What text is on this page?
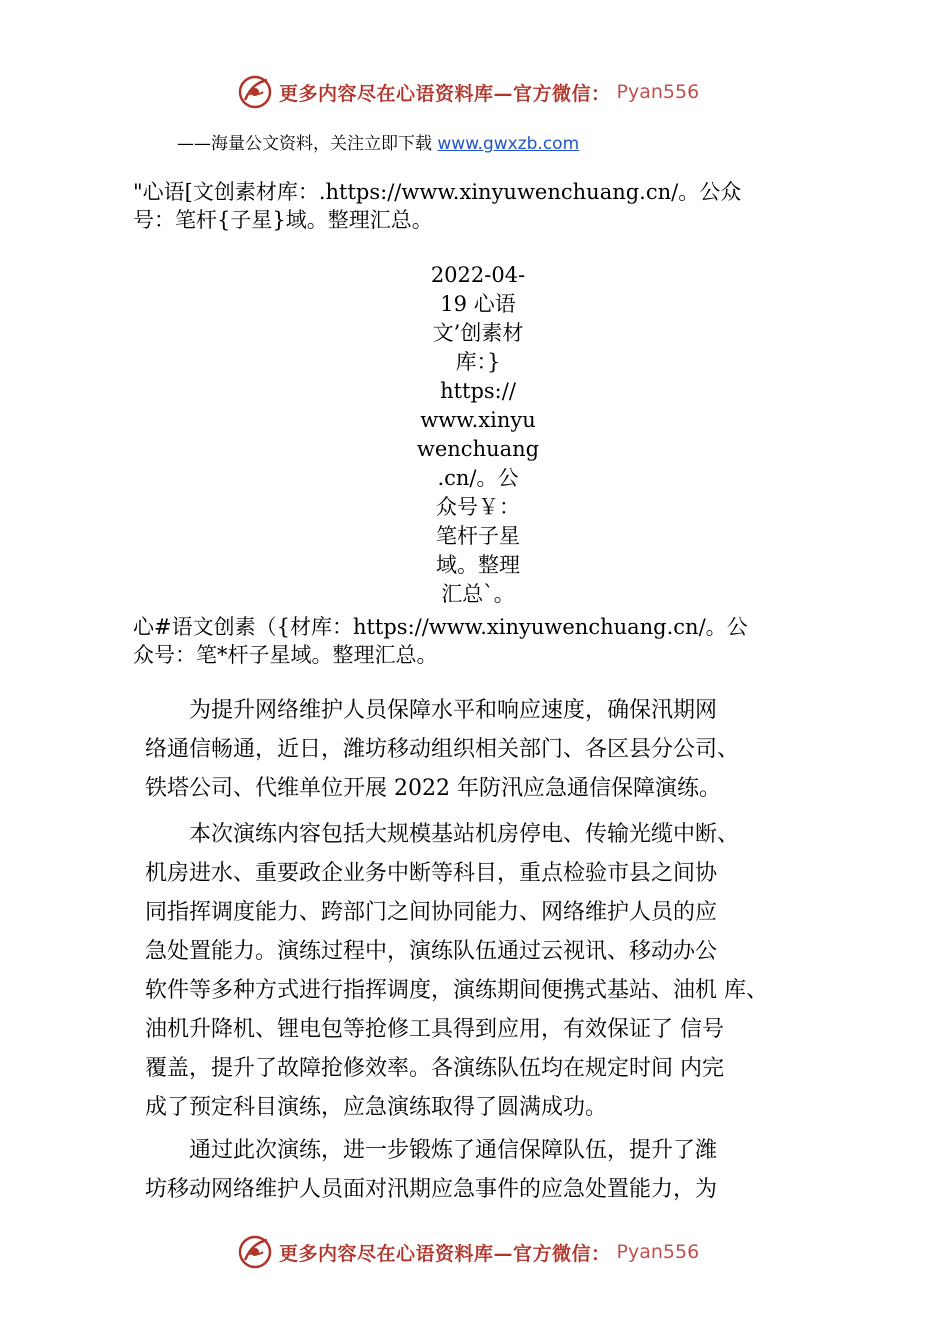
更多内容尽在心语资料库—官方微信： Pyan556
——海量公文资料，关注立即下载 www.gwxzb.com
"心语[文创素材库：.https://www.xinyuwenchuang.cn/。公众
号：笔杆{子星}域。整理汇总。
2022-04-
19 心语
文’创素材
库：}
https://
www.xinyu
wenchuang
.cn/。公
众号￥：
笔杆子星
域。整理
汇总`。
心#语文创素（{材库：https://www.xinyuwenchuang.cn/。公
众号：笔*杆子星域。整理汇总。
　　为提升网络维护人员保障水平和响应速度，确保汛期网
络通信畅通，近日，潍坊移动组织相关部门、各区县分公司、
铁塔公司、代维单位开展 2022 年防汛应急通信保障演练。
　　本次演练内容包括大规模基站机房停电、传输光缆中断、
机房进水、重要政企业务中断等科目，重点检验市县之间协
同指挥调度能力、跨部门之间协同能力、网络维护人员的应
急处置能力。演练过程中，演练队伍通过云视讯、移动办公
软件等多种方式进行指挥调度，演练期间便携式基站、油机 库、
油机升降机、锂电包等抢修工具得到应用，有效保证了 信号
覆盖，提升了故障抢修效率。各演练队伍均在规定时间 内完
成了预定科目演练，应急演练取得了圆满成功。
　　通过此次演练，进一步锻炼了通信保障队伍，提升了潍
坊移动网络维护人员面对汛期应急事件的应急处置能力，为
更多内容尽在心语资料库—官方微信： Pyan556
